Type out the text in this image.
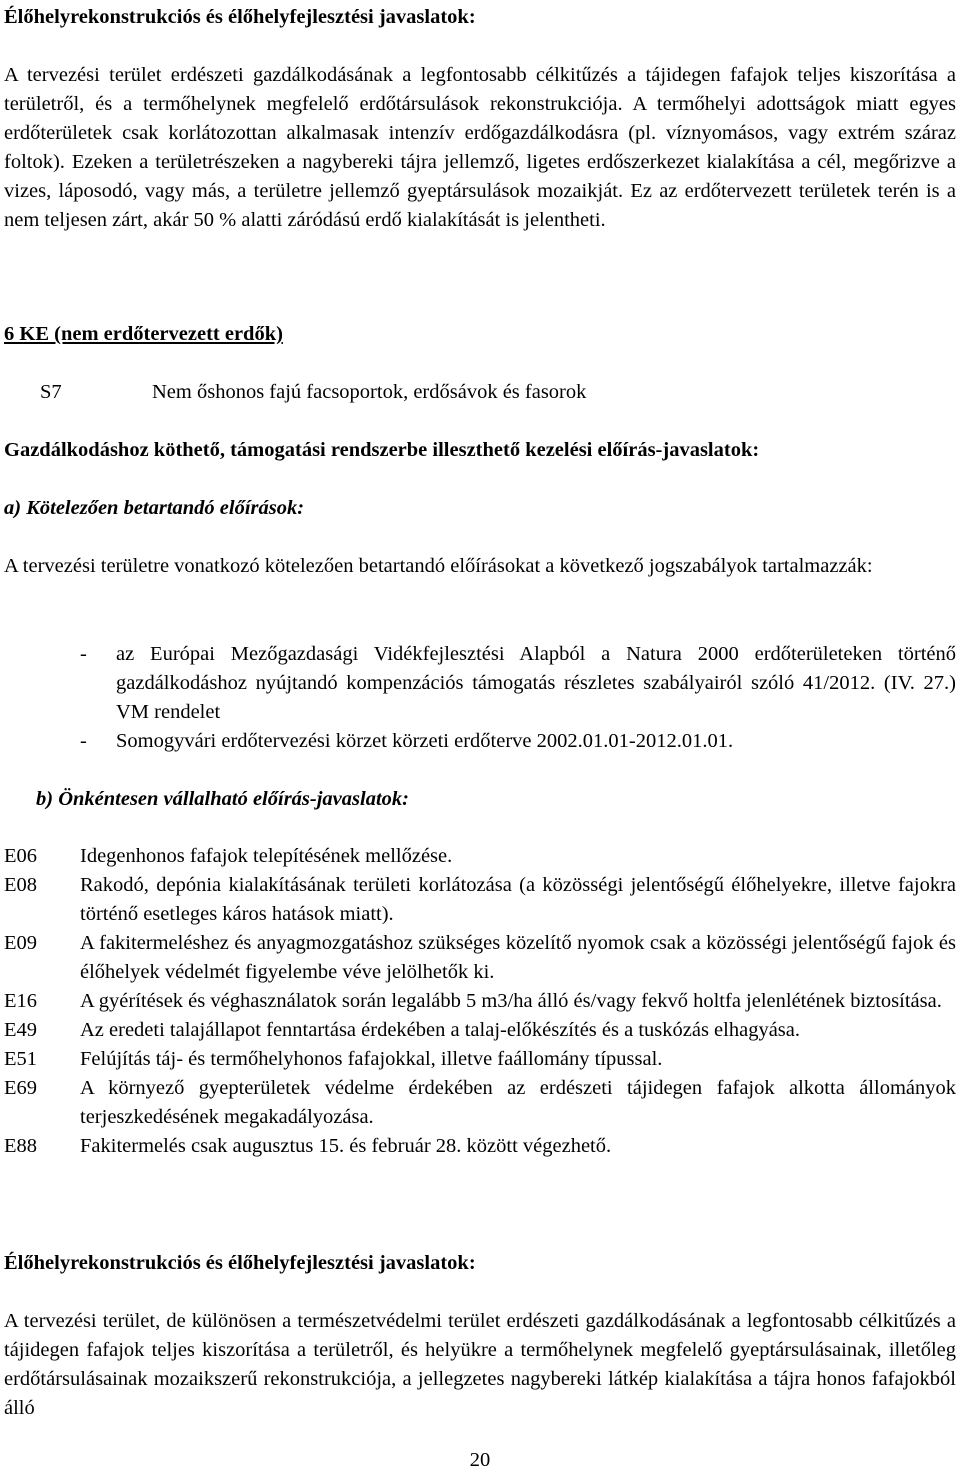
Élőhelyrekonstrukciós és élőhelyfejlesztési javaslatok:
A tervezési terület erdészeti gazdálkodásának a legfontosabb célkitűzés a tájidegen fafajok teljes kiszorítása a területről, és a termőhelynek megfelelő erdőtársulások rekonstrukciója. A termőhelyi adottságok miatt egyes erdőterületek csak korlátozottan alkalmasak intenzív erdőgazdálkodásra (pl. víznyomásos, vagy extrém száraz foltok). Ezeken a területrészeken a nagybereki tájra jellemző, ligetes erdőszerkezet kialakítása a cél, megőrizve a vizes, láposodó, vagy más, a területre jellemző gyeptársulások mozaikját. Ez az erdőtervezett területek terén is a nem teljesen zárt, akár 50 % alatti záródású erdő kialakítását is jelentheti.
6 KE (nem erdőtervezett erdők)
S7	Nem őshonos fajú facsoportok, erdősávok és fasorok
Gazdálkodáshoz köthető, támogatási rendszerbe illeszthető kezelési előírás-javaslatok:
a) Kötelezően betartandó előírások:
A tervezési területre vonatkozó kötelezően betartandó előírásokat a következő jogszabályok tartalmazzák:
-	az Európai Mezőgazdasági Vidékfejlesztési Alapból a Natura 2000 erdőterületeken történő gazdálkodáshoz nyújtandó kompenzációs támogatás részletes szabályairól szóló 41/2012. (IV. 27.) VM rendelet
-	Somogyvári erdőtervezési körzet körzeti erdőterve 2002.01.01-2012.01.01.
b) Önkéntesen vállalható előírás-javaslatok:
E06	Idegenhonos fafajok telepítésének mellőzése.
E08	Rakodó, depónia kialakításának területi korlátozása (a közösségi jelentőségű élőhelyekre, illetve fajokra történő esetleges káros hatások miatt).
E09	A fakitermeléshez és anyagmozgatáshoz szükséges közelítő nyomok csak a közösségi jelentőségű fajok és élőhelyek védelmét figyelembe véve jelölhetők ki.
E16	A gyérítések és véghasználatok során legalább 5 m3/ha álló és/vagy fekvő holtfa jelenlétének biztosítása.
E49	Az eredeti talajállapot fenntartása érdekében a talaj-előkészítés és a tuskózás elhagyása.
E51	Felújítás táj- és termőhelyhonos fafajokkal, illetve faállomány típussal.
E69	A környező gyepterületek védelme érdekében az erdészeti tájidegen fafajok alkotta állományok terjeszkedésének megakadályozása.
E88	Fakitermelés csak augusztus 15. és február 28. között végezhető.
Élőhelyrekonstrukciós és élőhelyfejlesztési javaslatok:
A tervezési terület, de különösen a természetvédelmi terület erdészeti gazdálkodásának a legfontosabb célkitűzés a tájidegen fafajok teljes kiszorítása a területről, és helyükre a termőhelynek megfelelő gyeptársulásainak, illetőleg erdőtársulásainak mozaikszerű rekonstrukciója, a jellegzetes nagybereki látkép kialakítása a tájra honos fafajokból álló
20
